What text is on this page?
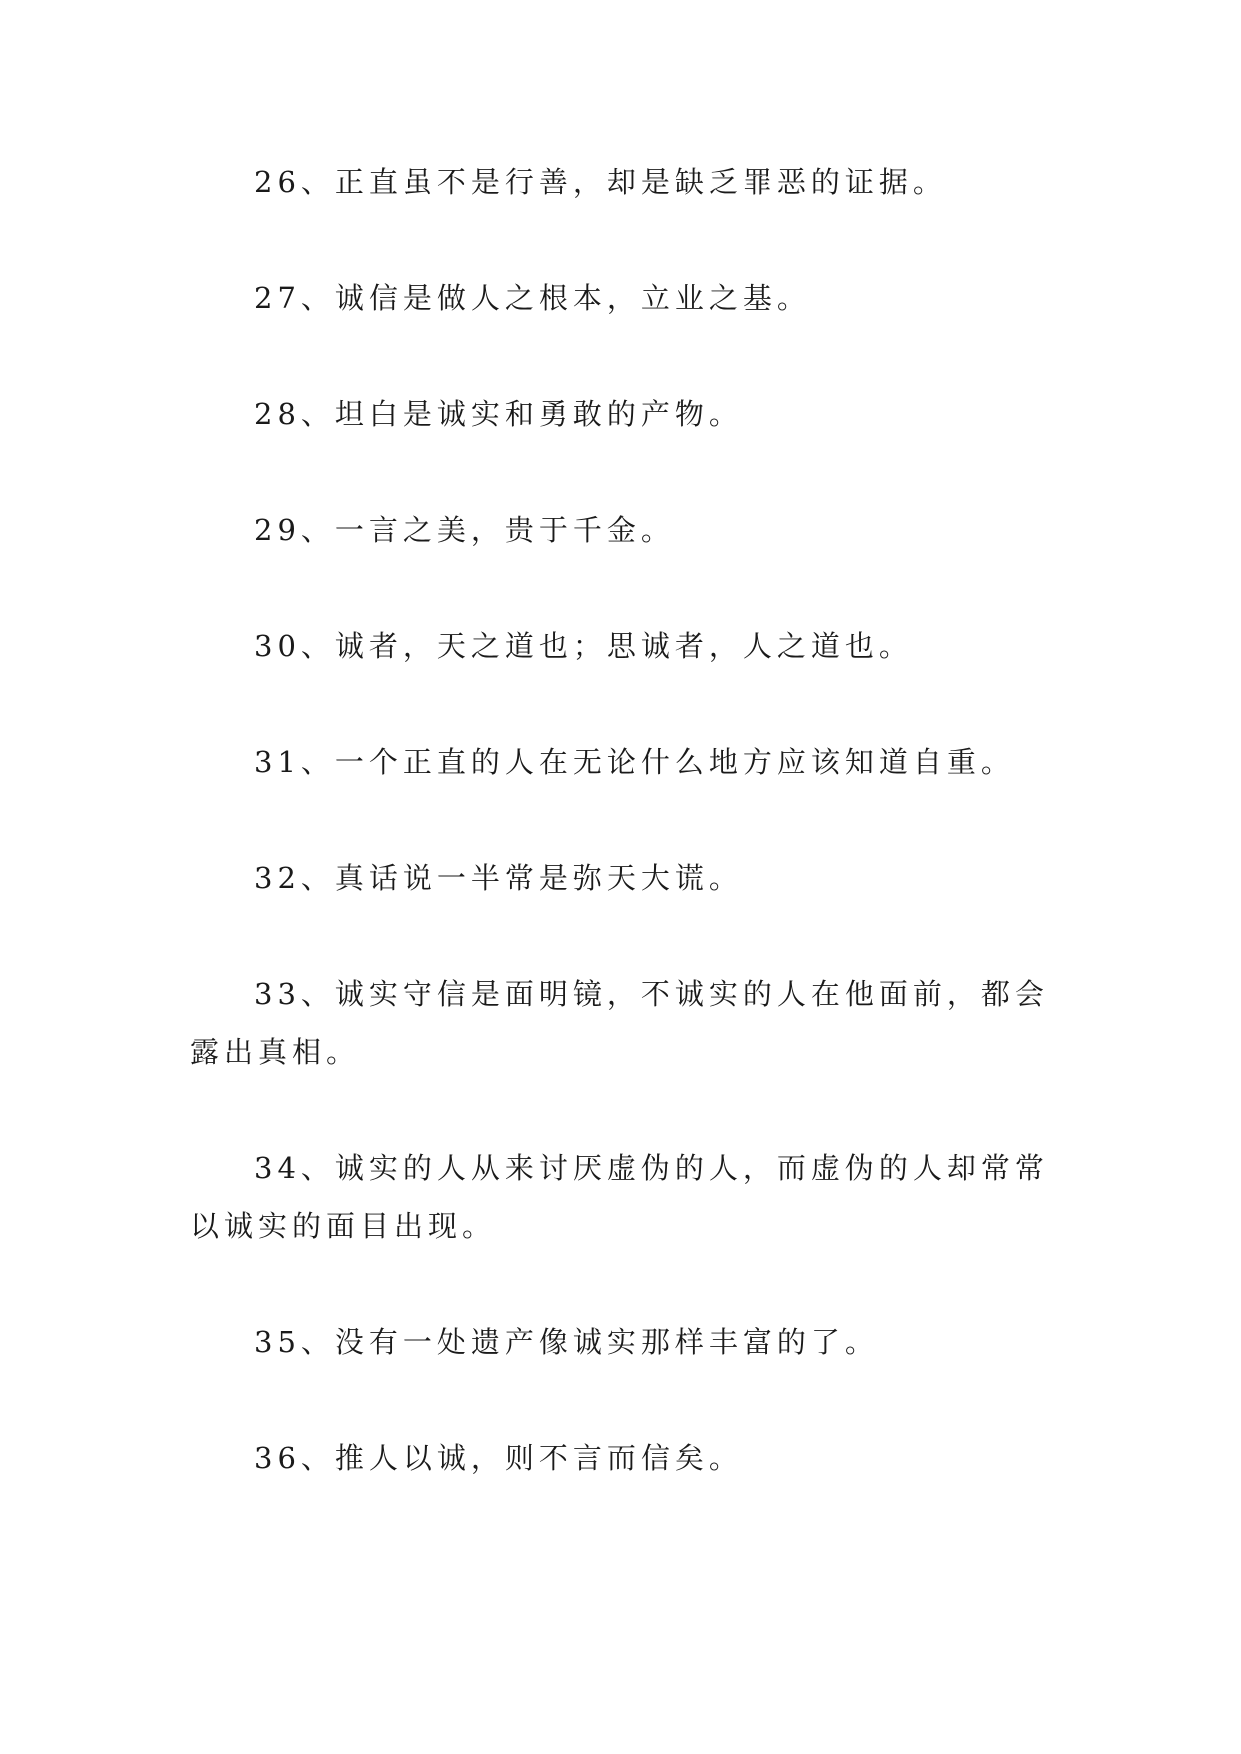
26、正直虽不是行善，却是缺乏罪恶的证据。

27、诚信是做人之根本，立业之基。

28、坦白是诚实和勇敢的产物。

29、一言之美，贵于千金。

30、诚者，天之道也；思诚者，人之道也。

31、一个正直的人在无论什么地方应该知道自重。

32、真话说一半常是弥天大谎。

33、诚实守信是面明镜，不诚实的人在他面前，都会露出真相。

34、诚实的人从来讨厌虚伪的人，而虚伪的人却常常以诚实的面目出现。

35、没有一处遗产像诚实那样丰富的了。

36、推人以诚，则不言而信矣。
